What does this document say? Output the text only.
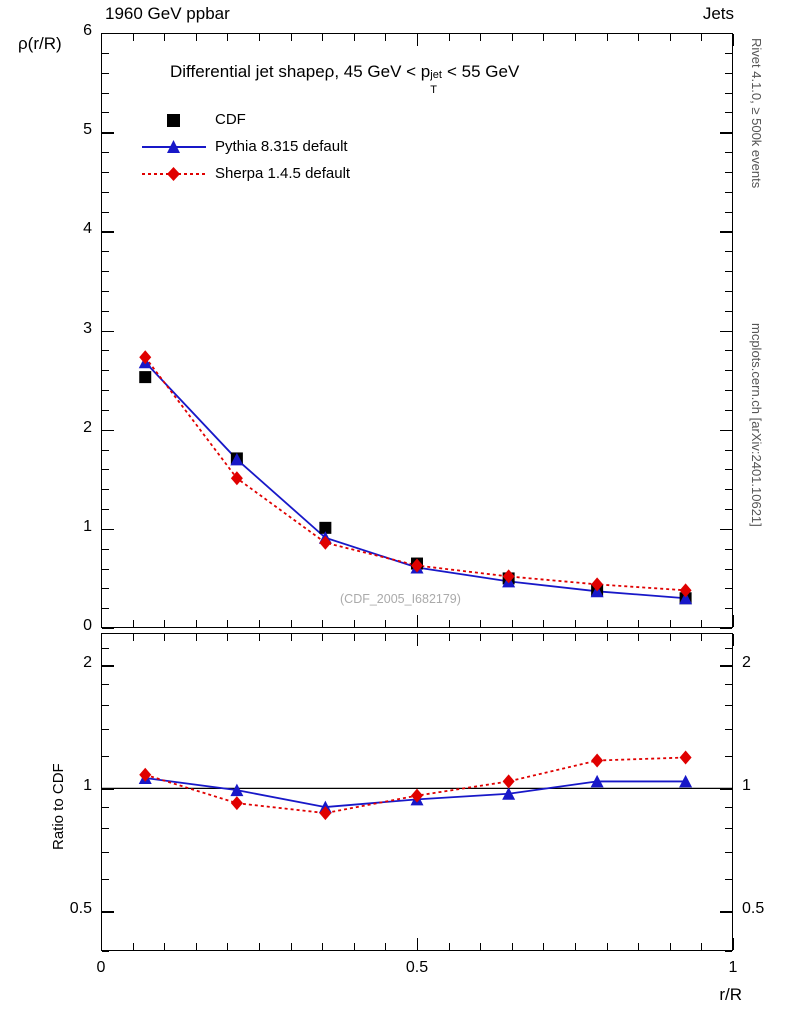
1960 GeV ppbar	Jets
Rivet 4.1.0, ≥ 500k events
mcplots.cern.ch [arXiv:2401.10621]
ρ(r/R)
Differential jet shapeρ, 45 GeV < p jet
T
< 55 GeV
CDF
Pythia 8.315 default
Sherpa 1.4.5 default
(CDF_2005_I682179)
0
1
2
3
4
5
6
Ratio to CDF
0.5	0.5
1	1
2	2
0	0.5	1
r/R
